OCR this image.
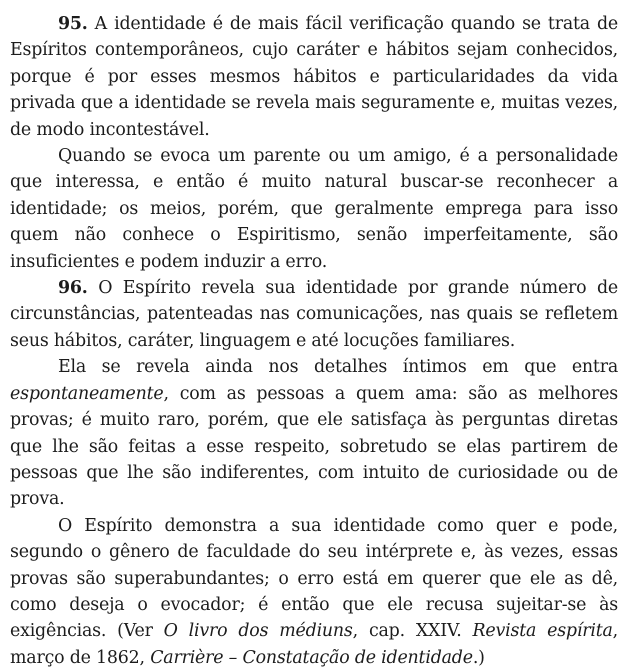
95. A identidade é de mais fácil verificação quando se trata de Espíritos contemporâneos, cujo caráter e hábitos sejam conhecidos, porque é por esses mesmos hábitos e particularidades da vida privada que a identidade se revela mais seguramente e, muitas vezes, de modo incontestável.

Quando se evoca um parente ou um amigo, é a personalidade que interessa, e então é muito natural buscar-se reconhecer a identidade; os meios, porém, que geralmente emprega para isso quem não conhece o Espiritismo, senão imperfeitamente, são insuficientes e podem induzir a erro.

96. O Espírito revela sua identidade por grande número de circunstâncias, patenteadas nas comunicações, nas quais se refletem seus hábitos, caráter, linguagem e até locuções familiares.

Ela se revela ainda nos detalhes íntimos em que entra espontaneamente, com as pessoas a quem ama: são as melhores provas; é muito raro, porém, que ele satisfaça às perguntas diretas que lhe são feitas a esse respeito, sobretudo se elas partirem de pessoas que lhe são indiferentes, com intuito de curiosidade ou de prova.

O Espírito demonstra a sua identidade como quer e pode, segundo o gênero de faculdade do seu intérprete e, às vezes, essas provas são superabundantes; o erro está em querer que ele as dê, como deseja o evocador; é então que ele recusa sujeitar-se às exigências. (Ver O livro dos médiuns, cap. XXIV. Revista espírita, março de 1862, Carrière – Constatação de identidade.)
